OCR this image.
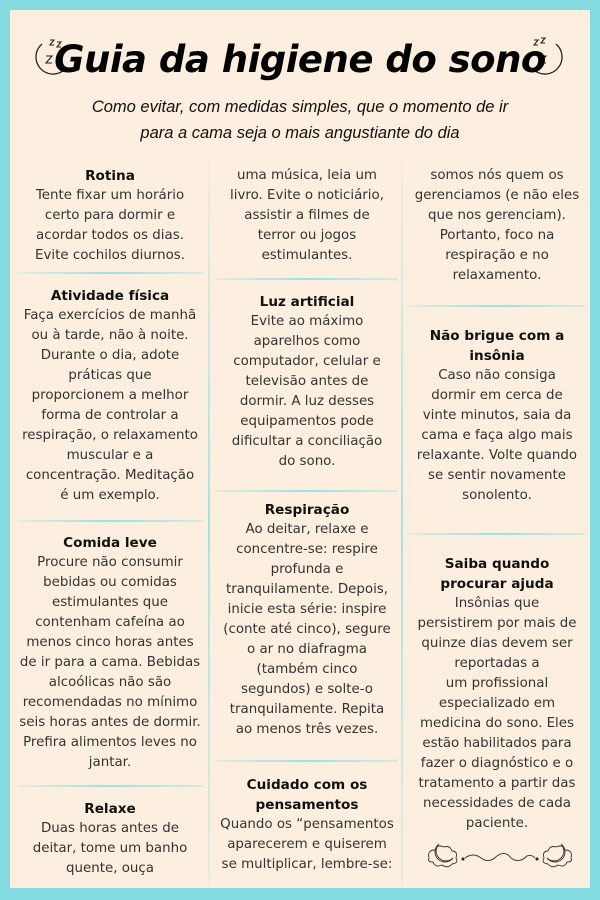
Guia da higiene do sono
Como evitar, com medidas simples, que o momento de ir
para a cama seja o mais angustiante do dia
Rotina

Tente fixar um horário

certo para dormir e

acordar todos os dias.

Evite cochilos diurnos.

Atividade física

Faça exercícios de manhã

ou à tarde, não à noite.

Durante o dia, adote

práticas que

proporcionem a melhor

forma de controlar a

respiração, o relaxamento

muscular e a

concentração. Meditação

é um exemplo.

Comida leve

Procure não consumir

bebidas ou comidas

estimulantes que

contenham cafeína ao

menos cinco horas antes

de ir para a cama. Bebidas

alcoólicas não são

recomendadas no mínimo

seis horas antes de dormir.

Prefira alimentos leves no

jantar.

Relaxe

Duas horas antes de

deitar, tome um banho

quente, ouça

uma música, leia um

livro. Evite o noticiário,

assistir a filmes de

terror ou jogos

estimulantes.

Luz artificial

Evite ao máximo

aparelhos como

computador, celular e

televisão antes de

dormir. A luz desses

equipamentos pode

dificultar a conciliação

do sono.

Respiração

Ao deitar, relaxe e

concentre-se: respire

profunda e

tranquilamente. Depois,

inicie esta série: inspire

(conte até cinco), segure

o ar no diafragma

(também cinco

segundos) e solte-o

tranquilamente. Repita

ao menos três vezes.

Cuidado com os
pensamentos

Quando os “pensamentos

aparecerem e quiserem

se multiplicar, lembre-se:

somos nós quem os

gerenciamos (e não eles

que nos gerenciam).

Portanto, foco na

respiração e no

relaxamento.

Não brigue com a
insônia

Caso não consiga

dormir em cerca de

vinte minutos, saia da

cama e faça algo mais

relaxante. Volte quando

se sentir novamente

sonolento.

Saiba quando
procurar ajuda

Insônias que

persistirem por mais de

quinze dias devem ser

reportadas a

um profissional

especializado em

medicina do sono. Eles

estão habilitados para

fazer o diagnóstico e o

tratamento a partir das

necessidades de cada

paciente.
